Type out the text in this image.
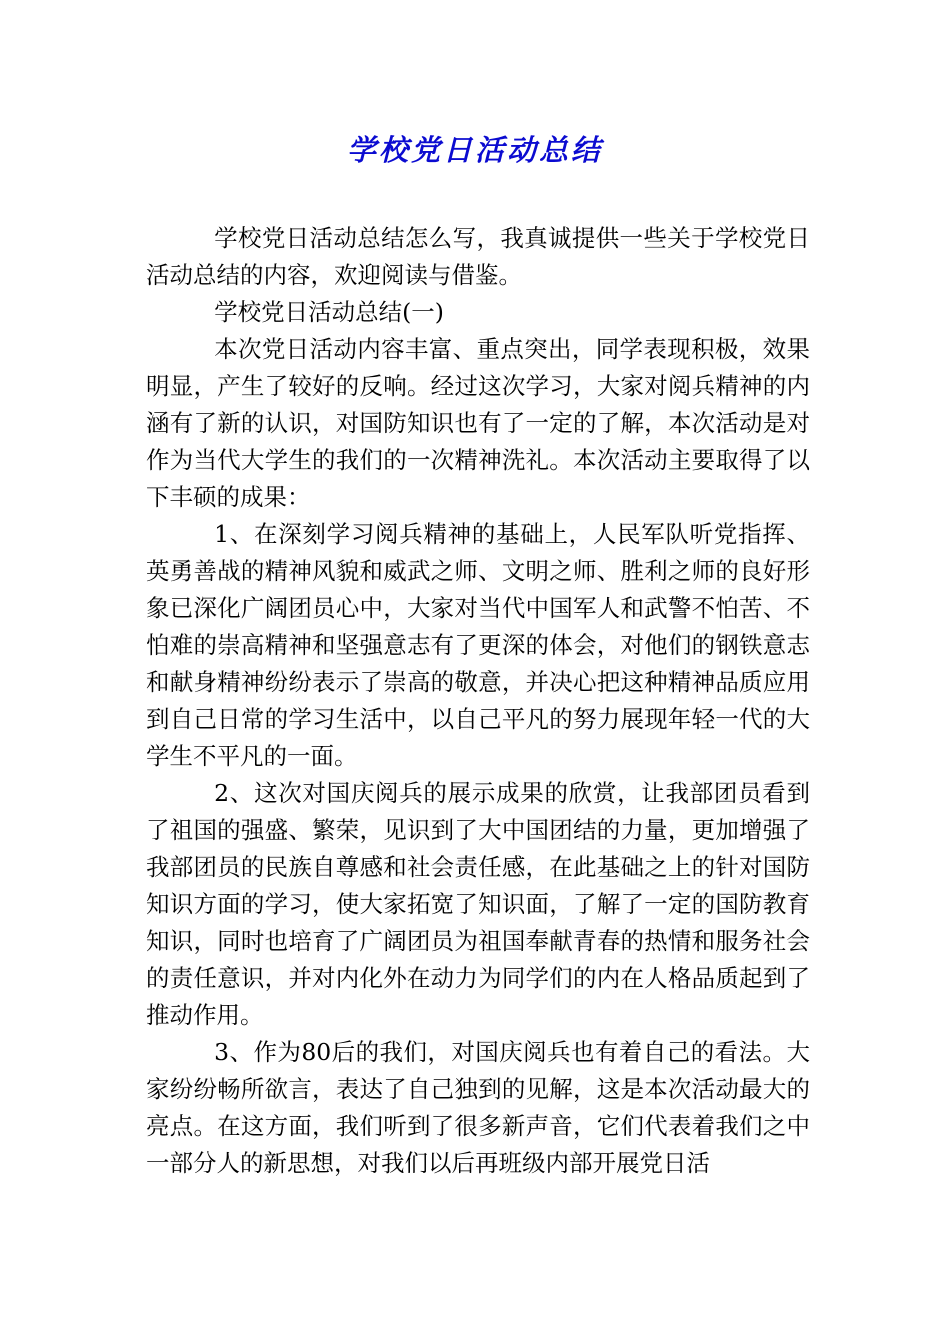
学校党日活动总结

学校党日活动总结怎么写，我真诚提供一些关于学校党日活动总结的内容，欢迎阅读与借鉴。

学校党日活动总结(一)

本次党日活动内容丰富、重点突出，同学表现积极，效果明显，产生了较好的反响。经过这次学习，大家对阅兵精神的内涵有了新的认识，对国防知识也有了一定的了解，本次活动是对作为当代大学生的我们的一次精神洗礼。本次活动主要取得了以下丰硕的成果：

1、在深刻学习阅兵精神的基础上，人民军队听党指挥、英勇善战的精神风貌和威武之师、文明之师、胜利之师的良好形象已深化广阔团员心中，大家对当代中国军人和武警不怕苦、不怕难的崇高精神和坚强意志有了更深的体会，对他们的钢铁意志和献身精神纷纷表示了崇高的敬意，并决心把这种精神品质应用到自己日常的学习生活中，以自己平凡的努力展现年轻一代的大学生不平凡的一面。

2、这次对国庆阅兵的展示成果的欣赏，让我部团员看到了祖国的强盛、繁荣，见识到了大中国团结的力量，更加增强了我部团员的民族自尊感和社会责任感，在此基础之上的针对国防知识方面的学习，使大家拓宽了知识面，了解了一定的国防教育知识，同时也培育了广阔团员为祖国奉献青春的热情和服务社会的责任意识，并对内化外在动力为同学们的内在人格品质起到了推动作用。

3、作为80后的我们，对国庆阅兵也有着自己的看法。大家纷纷畅所欲言，表达了自己独到的见解，这是本次活动最大的亮点。在这方面，我们听到了很多新声音，它们代表着我们之中一部分人的新思想，对我们以后再班级内部开展党日活
